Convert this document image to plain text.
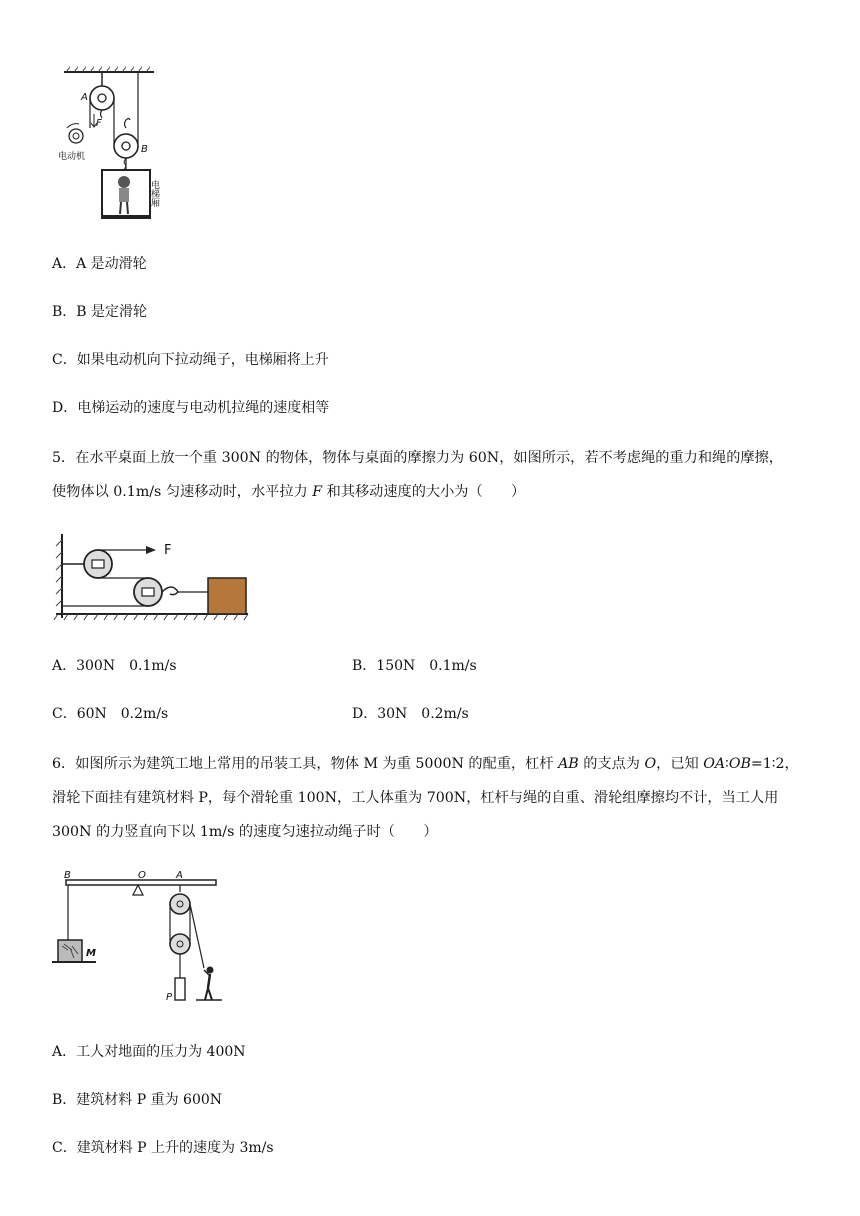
A
F
B
电动机
电梯厢
A．A 是动滑轮
B．B 是定滑轮
C．如果电动机向下拉动绳子，电梯厢将上升
D．电梯运动的速度与电动机拉绳的速度相等
5．在水平桌面上放一个重 300N 的物体，物体与桌面的摩擦力为 60N，如图所示，若不考虑绳的重力和绳的摩擦，
使物体以 0.1m/s 匀速移动时，水平拉力 F 和其移动速度的大小为（　　）
F
A．300N　0.1m/s	B．150N　0.1m/s
C．60N　0.2m/s	D．30N　0.2m/s
6．如图所示为建筑工地上常用的吊装工具，物体 M 为重 5000N 的配重，杠杆 AB 的支点为 O，已知 OA∶OB=1∶2，
滑轮下面挂有建筑材料 P，每个滑轮重 100N，工人体重为 700N，杠杆与绳的自重、滑轮组摩擦均不计，当工人用
300N 的力竖直向下以 1m/s 的速度匀速拉动绳子时（　　）
M
P
B	O	A
A．工人对地面的压力为 400N
B．建筑材料 P 重为 600N
C．建筑材料 P 上升的速度为 3m/s
